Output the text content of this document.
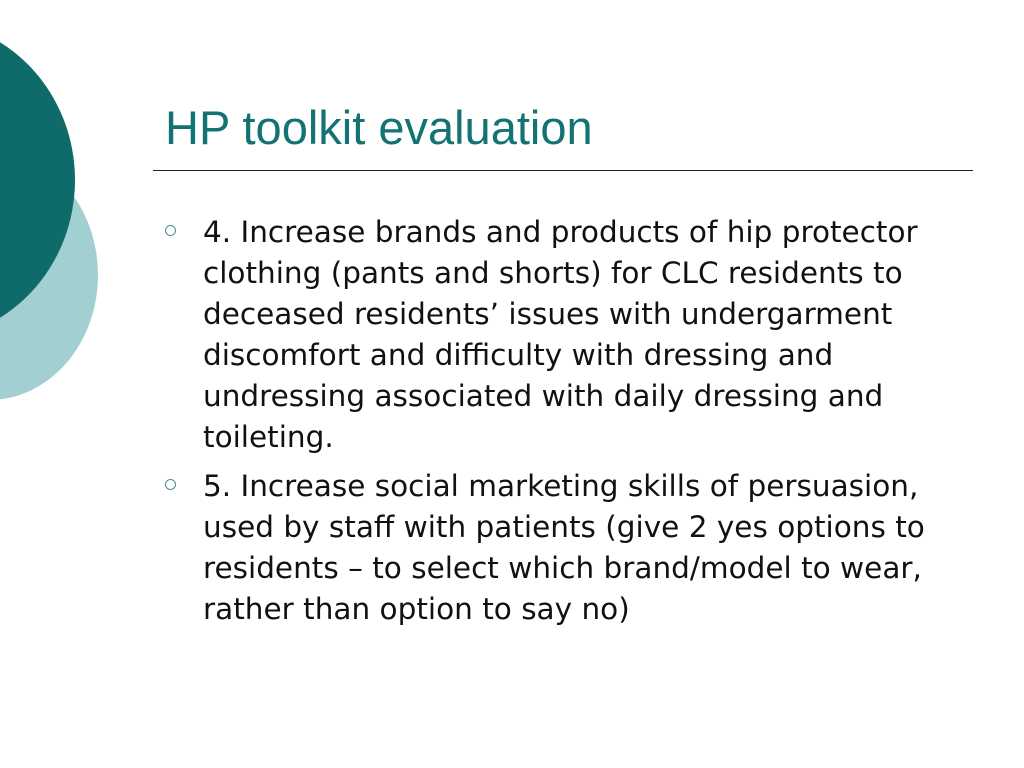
HP toolkit evaluation
4. Increase brands and products of hip protector clothing (pants and shorts) for CLC residents to deceased residents’ issues with undergarment discomfort and difficulty with dressing and undressing associated with daily dressing and toileting.
5. Increase social marketing skills of persuasion, used by staff with patients (give 2 yes options to residents – to select which brand/model to wear, rather than option to say no)
